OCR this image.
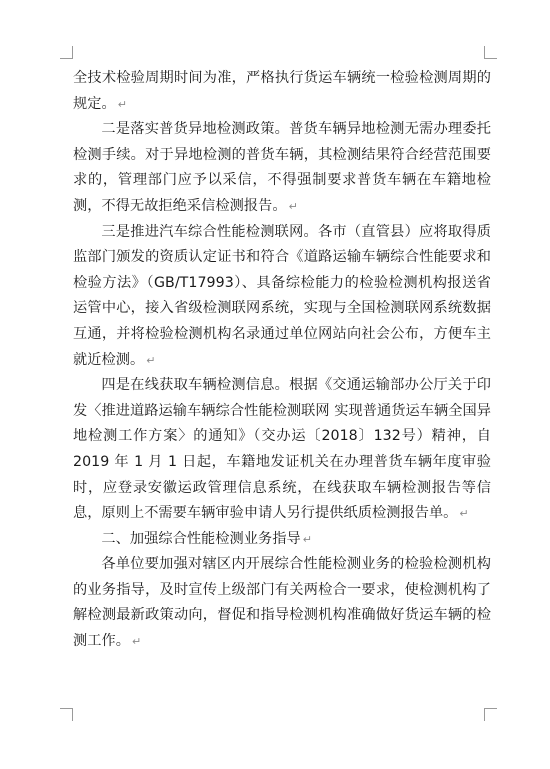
全技术检验周期时间为准，严格执行货运车辆统一检验检测周期的规定。 ↵

二是落实普货异地检测政策。普货车辆异地检测无需办理委托检测手续。对于异地检测的普货车辆，其检测结果符合经营范围要求的，管理部门应予以采信，不得强制要求普货车辆在车籍地检测，不得无故拒绝采信检测报告。 ↵

三是推进汽车综合性能检测联网。各市（直管县）应将取得质监部门颁发的资质认定证书和符合《道路运输车辆综合性能要求和检验方法》（GB/T17993）、具备综检能力的检验检测机构报送省运管中心，接入省级检测联网系统，实现与全国检测联网系统数据互通，并将检验检测机构名录通过单位网站向社会公布，方便车主就近检测。 ↵

四是在线获取车辆检测信息。根据《交通运输部办公厅关于印发〈推进道路运输车辆综合性能检测联网 实现普通货运车辆全国异地检测工作方案〉的通知》（交办运〔2018〕132号）精神，自 2019 年 1 月 1 日起，车籍地发证机关在办理普货车辆年度审验时，应登录安徽运政管理信息系统，在线获取车辆检测报告等信息，原则上不需要车辆审验申请人另行提供纸质检测报告单。 ↵

二、加强综合性能检测业务指导 ↵

各单位要加强对辖区内开展综合性能检测业务的检验检测机构的业务指导，及时宣传上级部门有关两检合一要求，使检测机构了解检测最新政策动向，督促和指导检测机构准确做好货运车辆的检测工作。 ↵
